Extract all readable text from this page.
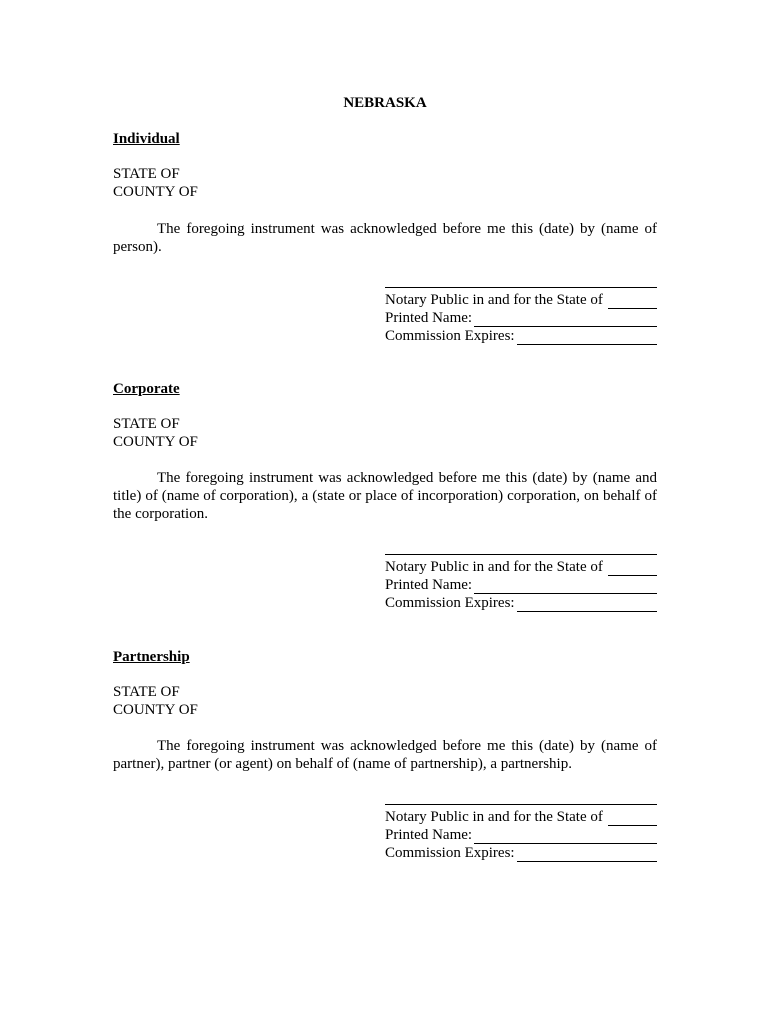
NEBRASKA
Individual
STATE OF
COUNTY OF
The foregoing instrument was acknowledged before me this (date) by (name of person).
Notary Public in and for the State of
Printed Name:
Commission Expires:
Corporate
STATE OF
COUNTY OF
The foregoing instrument was acknowledged before me this (date) by (name and title) of (name of corporation), a (state or place of incorporation) corporation, on behalf of the corporation.
Notary Public in and for the State of
Printed Name:
Commission Expires:
Partnership
STATE OF
COUNTY OF
The foregoing instrument was acknowledged before me this (date) by (name of partner), partner (or agent) on behalf of (name of partnership), a partnership.
Notary Public in and for the State of
Printed Name:
Commission Expires:
